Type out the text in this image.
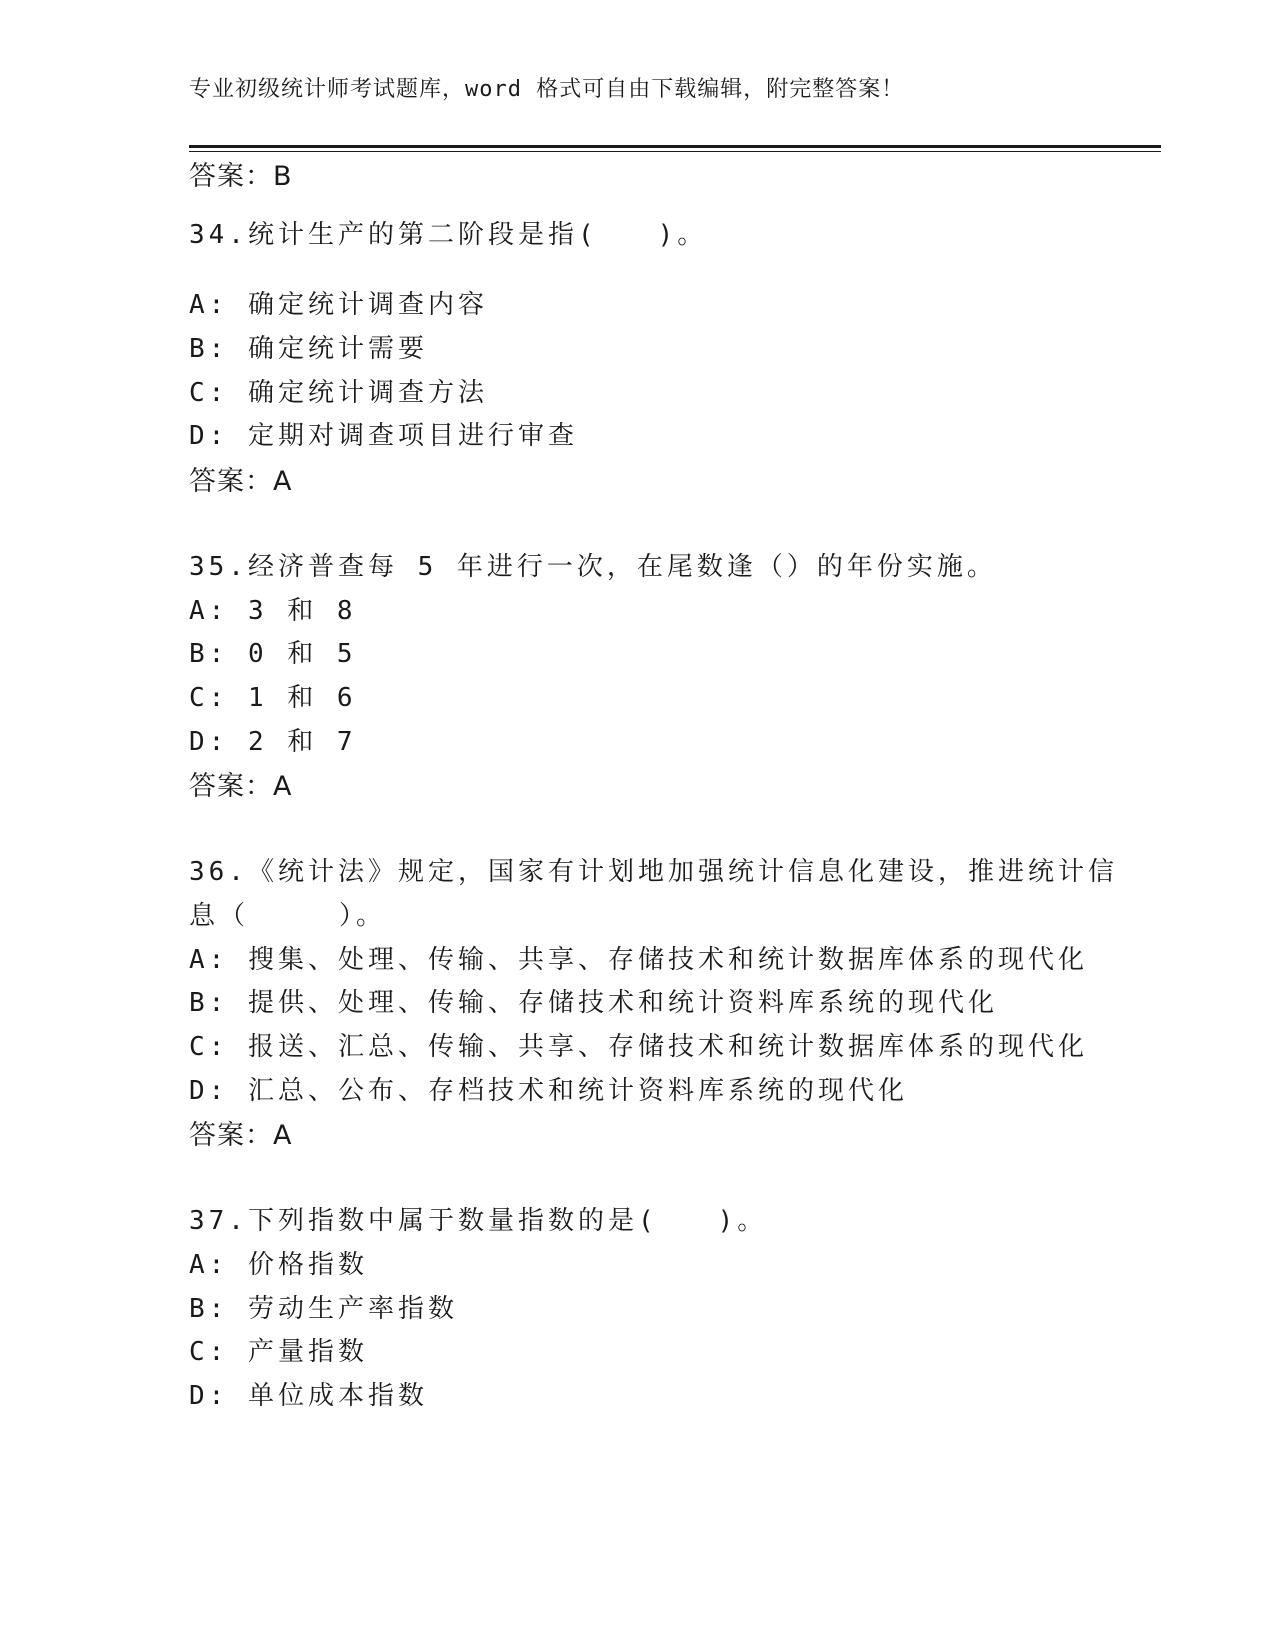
专业初级统计师考试题库，word 格式可自由下载编辑，附完整答案！
答案：B
34.统计生产的第二阶段是指(　　)。
A: 确定统计调查内容
B: 确定统计需要
C: 确定统计调查方法
D: 定期对调查项目进行审查
答案：A
35.经济普查每 5 年进行一次，在尾数逢（）的年份实施。
A: 3 和 8
B: 0 和 5
C: 1 和 6
D: 2 和 7
答案：A
36.《统计法》规定，国家有计划地加强统计信息化建设，推进统计信
息（　　　）。
A: 搜集、处理、传输、共享、存储技术和统计数据库体系的现代化
B: 提供、处理、传输、存储技术和统计资料库系统的现代化
C: 报送、汇总、传输、共享、存储技术和统计数据库体系的现代化
D: 汇总、公布、存档技术和统计资料库系统的现代化
答案：A
37.下列指数中属于数量指数的是(　　)。
A: 价格指数
B: 劳动生产率指数
C: 产量指数
D: 单位成本指数
